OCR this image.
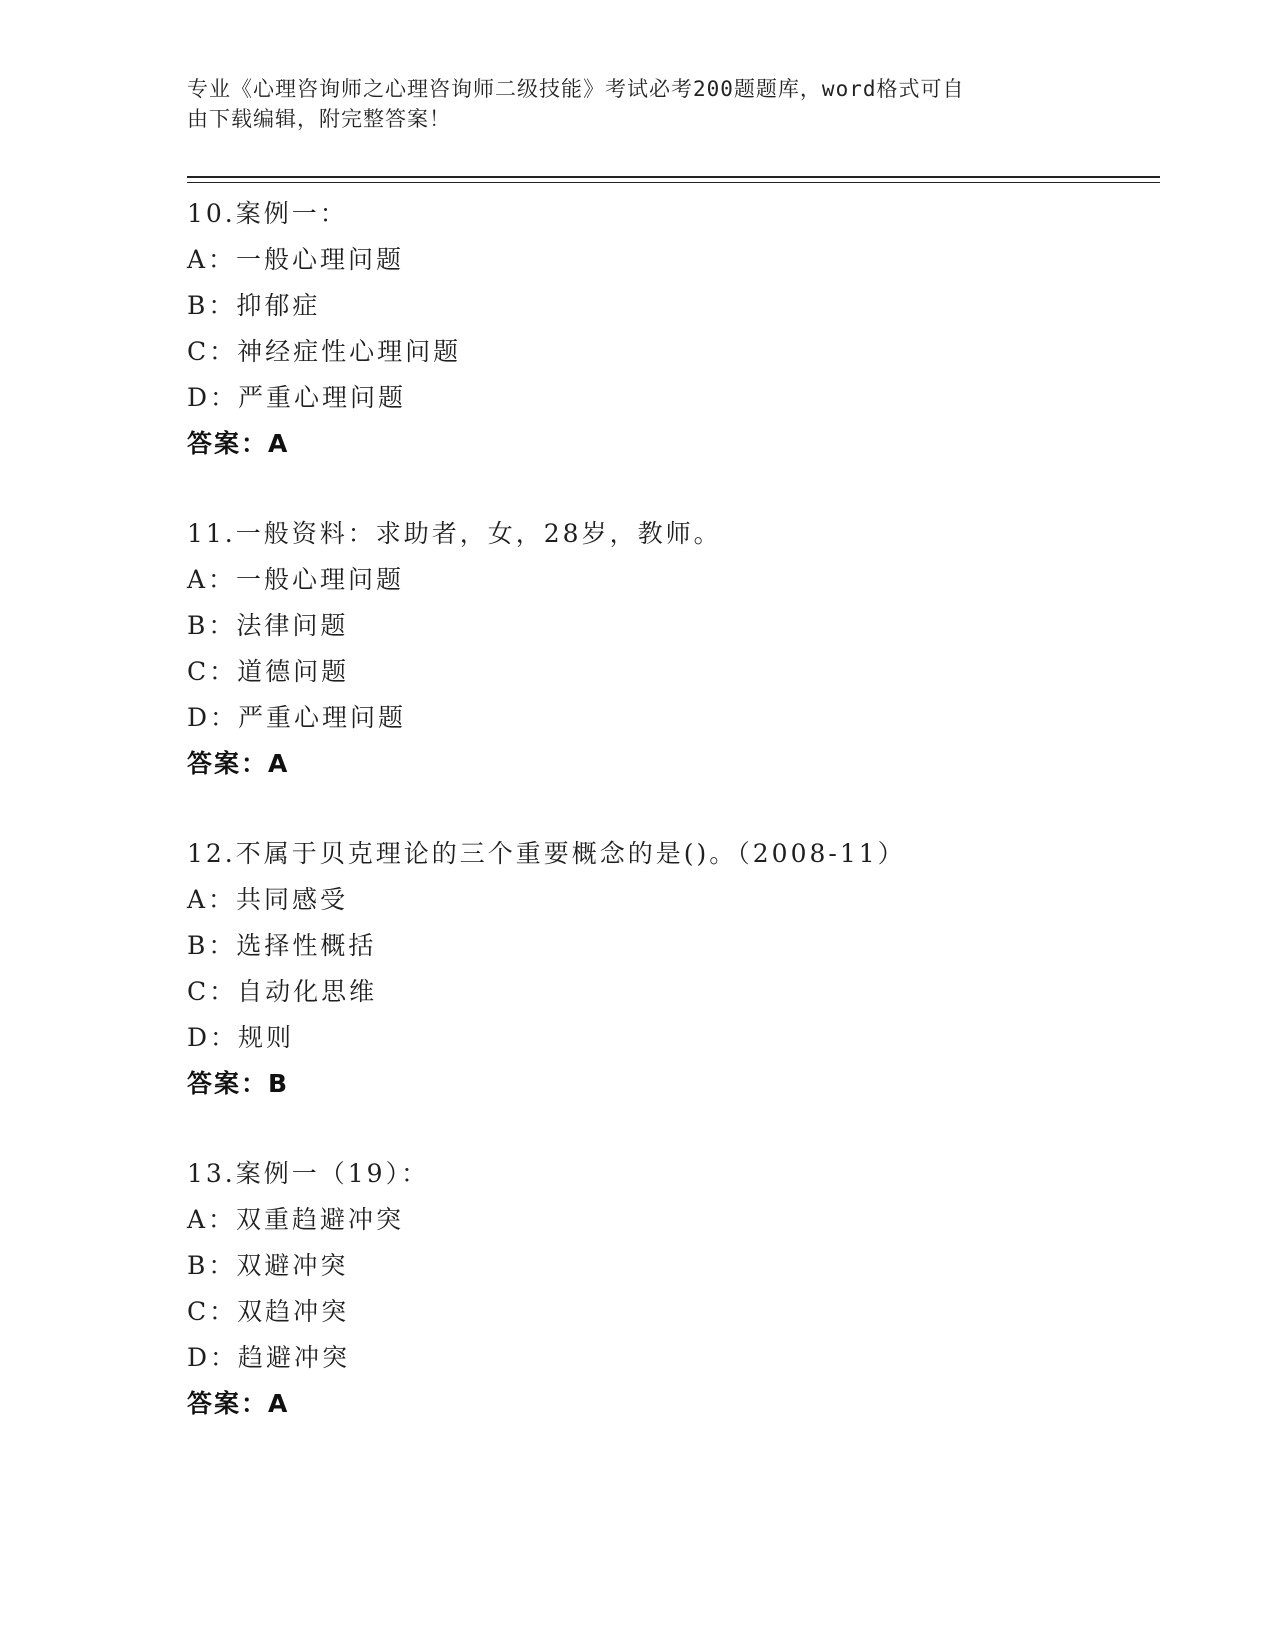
专业《心理咨询师之心理咨询师二级技能》考试必考200题题库，word格式可自
由下载编辑，附完整答案！
10.案例一：
A：一般心理问题
B：抑郁症
C：神经症性心理问题
D：严重心理问题
答案：A
11.一般资料：求助者，女，28岁，教师。
A：一般心理问题
B：法律问题
C：道德问题
D：严重心理问题
答案：A
12.不属于贝克理论的三个重要概念的是()。（2008-11）
A：共同感受
B：选择性概括
C：自动化思维
D：规则
答案：B
13.案例一（19）：
A：双重趋避冲突
B：双避冲突
C：双趋冲突
D：趋避冲突
答案：A
